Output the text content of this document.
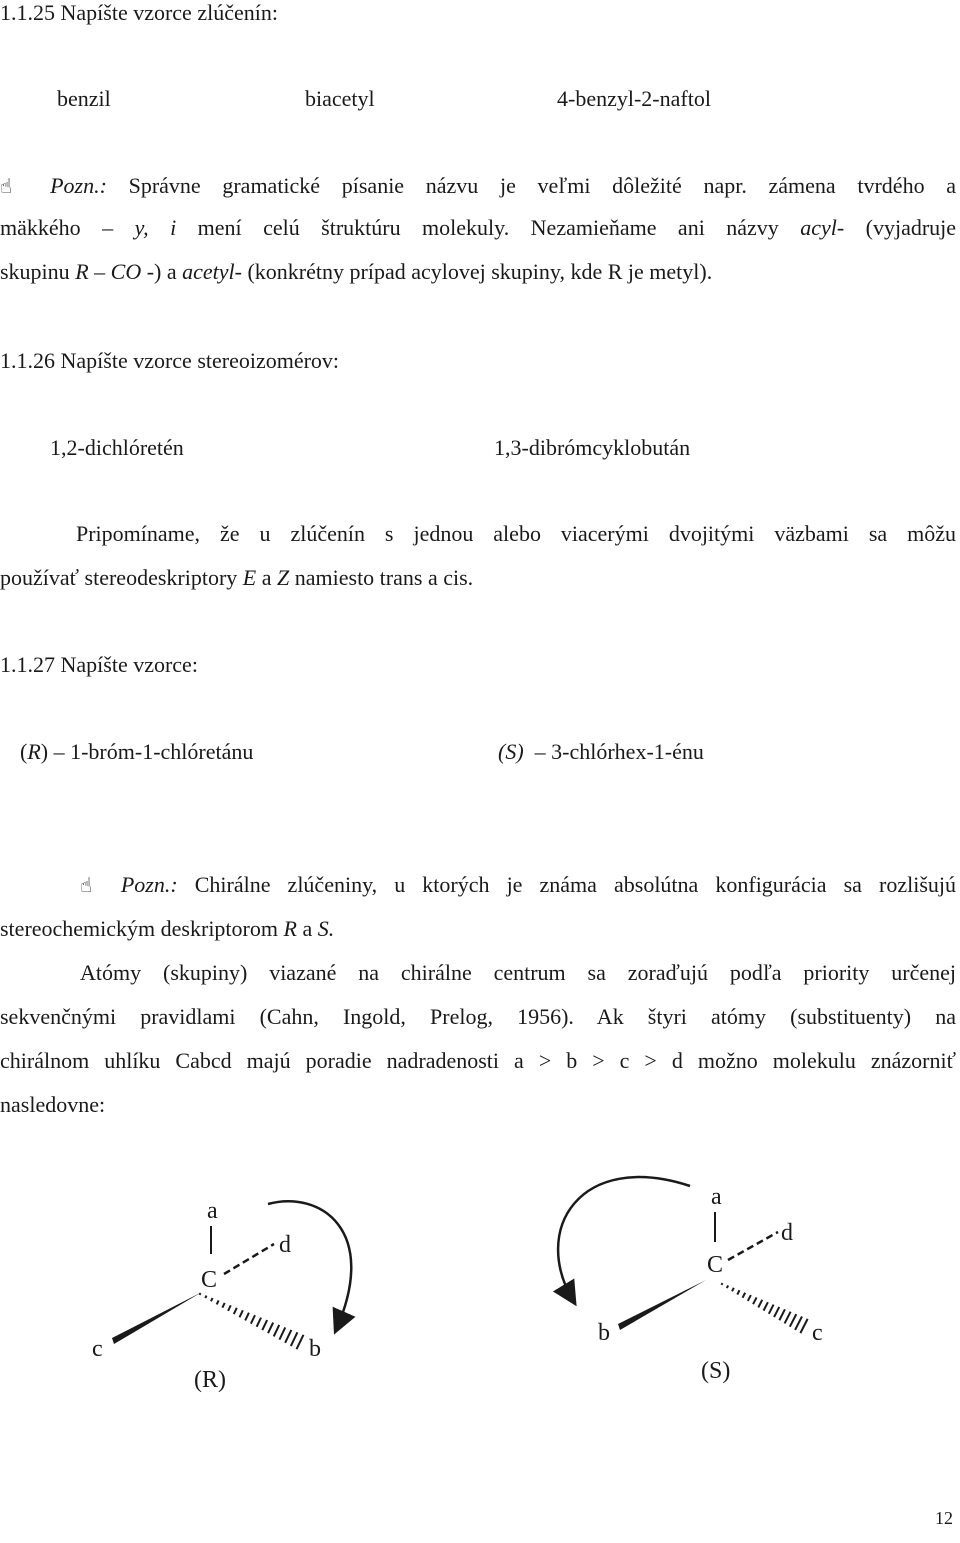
1.1.25 Napíšte vzorce zlúčenín:
benzil	biacetyl	4-benzyl-2-naftol
☝ Pozn.: Správne gramatické písanie názvu je veľmi dôležité napr. zámena tvrdého a
mäkkého – y, i mení celú štruktúru molekuly. Nezamieňame ani názvy acyl- (vyjadruje
skupinu R – CO -) a acetyl- (konkrétny prípad acylovej skupiny, kde R je metyl).
1.1.26 Napíšte vzorce stereoizomérov:
1,2-dichlóretén	1,3-dibrómcyklobután
Pripomíname, že u zlúčenín s jednou alebo viacerými dvojitými väzbami sa môžu
používať stereodeskriptory E a Z namiesto trans a cis.
1.1.27 Napíšte vzorce:
(R) – 1-bróm-1-chlóretánu	(S) – 3-chlórhex-1-énu
☝ Pozn.: Chirálne zlúčeniny, u ktorých je známa absolútna konfigurácia sa rozlišujú
stereochemickým deskriptorom R a S.
Atómy (skupiny) viazané na chirálne centrum sa zoraďujú podľa priority určenej
sekvenčnými pravidlami (Cahn, Ingold, Prelog, 1956). Ak štyri atómy (substituenty) na
chirálnom uhlíku Cabcd majú poradie nadradenosti a > b > c > d možno molekulu znázorniť
nasledovne:
a
d
C
c	b
(R)
a
d
C
b	c
(S)
12
